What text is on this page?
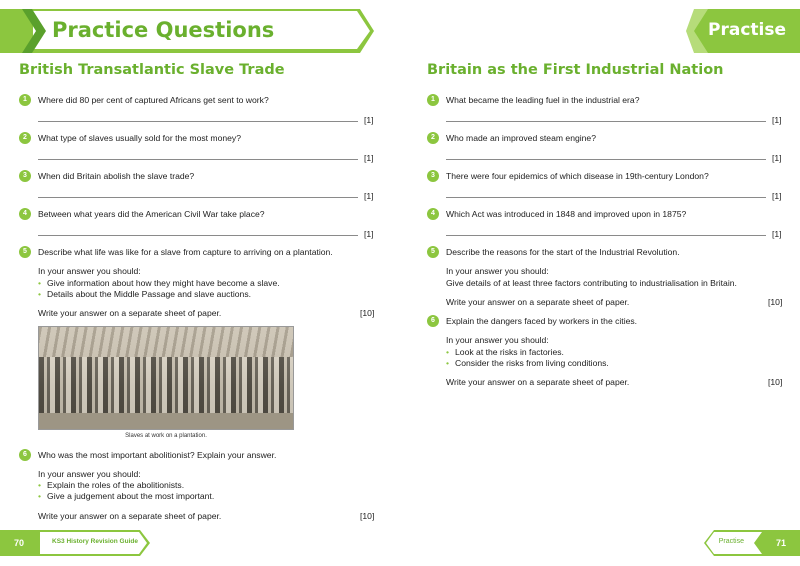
Practice Questions	Practise
British Transatlantic Slave Trade
1	Where did 80 per cent of captured Africans get sent to work?
[1]
2	What type of slaves usually sold for the most money?
[1]
3	When did Britain abolish the slave trade?
[1]
4	Between what years did the American Civil War take place?
[1]
5	Describe what life was like for a slave from capture to arriving on a plantation.
In your answer you should:
• Give information about how they might have become a slave.
• Details about the Middle Passage and slave auctions.
Write your answer on a separate sheet of paper.	[10]
Slaves at work on a plantation.
6	Who was the most important abolitionist? Explain your answer.
In your answer you should:
• Explain the roles of the abolitionists.
• Give a judgement about the most important.
Write your answer on a separate sheet of paper.	[10]
Britain as the First Industrial Nation
1	What became the leading fuel in the industrial era?
[1]
2	Who made an improved steam engine?
[1]
3	There were four epidemics of which disease in 19th-century London?
[1]
4	Which Act was introduced in 1848 and improved upon in 1875?
[1]
5	Describe the reasons for the start of the Industrial Revolution.
In your answer you should:
Give details of at least three factors contributing to industrialisation in Britain.
Write your answer on a separate sheet of paper.	[10]
6	Explain the dangers faced by workers in the cities.
In your answer you should:
• Look at the risks in factories.
• Consider the risks from living conditions.
Write your answer on a separate sheet of paper.	[10]
70	KS3 History Revision Guide	Practise	71
